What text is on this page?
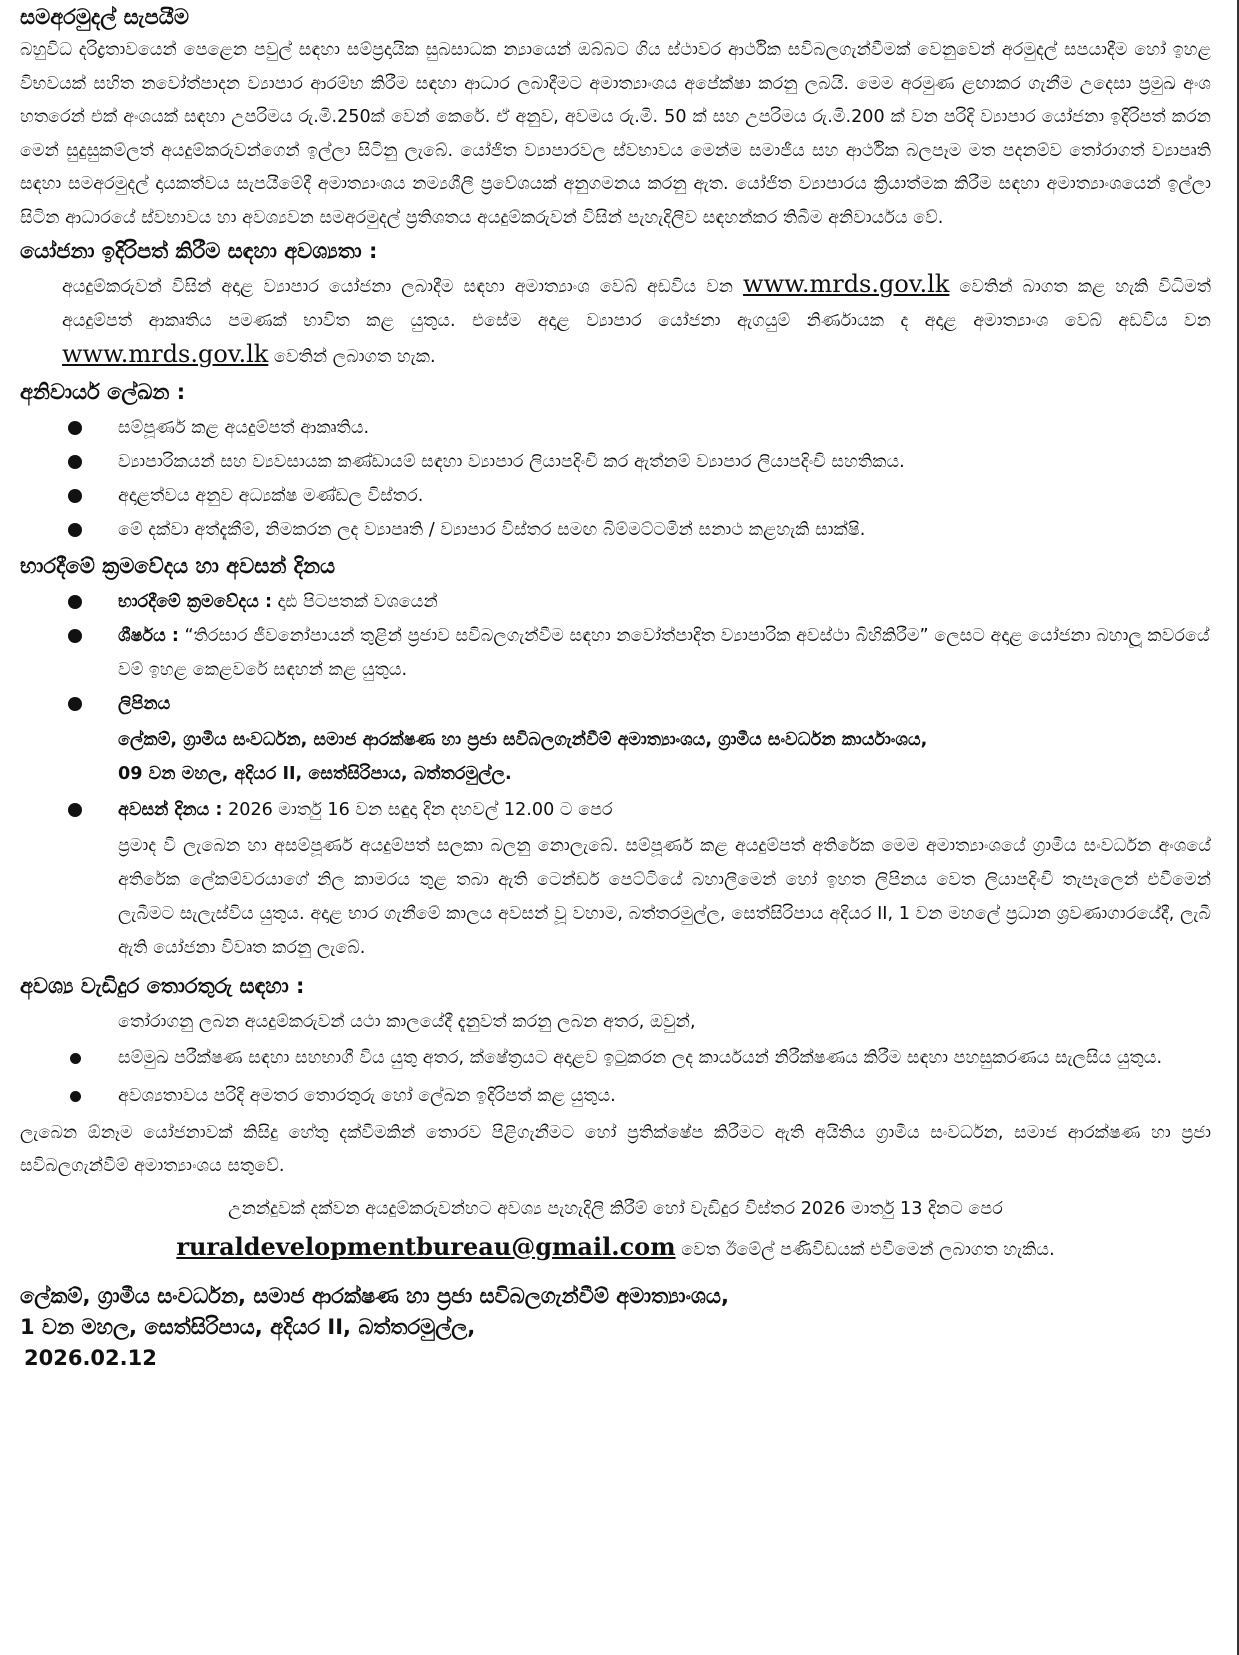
සමඅරමුදල් සැපයීම

බහුවිධ දරිද්‍රතාවයෙන් පෙළෙන පවුල් සඳහා සම්ප්‍රදායික සුබසාධක න්‍යායෙන් ඔබ්බට ගිය ස්ථාවර ආර්ථික සවිබලගැන්වීමක් වෙනුවෙන් අරමුදල් සපයාදීම හෝ ඉහළ විභවයක් සහිත නවෝත්පාදන ව්‍යාපාර ආරම්භ කිරීම සඳහා ආධාර ලබාදීමට අමාත්‍යාංශය අපේක්ෂා කරනු ලබයි. මෙම අරමුණ ළඟාකර ගැනීම උදෙසා ප්‍රමුඛ අංශ හතරෙන් එක් අංශයක් සඳහා උපරිමය රු.මි.250ක් වෙන් කෙරේ. ඒ අනුව, අවමය රු.මි. 50 ක් සහ උපරිමය රු.මි.200 ක් වන පරිදි ව්‍යාපාර යෝජනා ඉදිරිපත් කරන මෙන් සුදුසුකම්ලත් අයදුම්කරුවන්ගෙන් ඉල්ලා සිටිනු ලැබේ. යෝජිත ව්‍යාපාරවල ස්වභාවය මෙන්ම සමාජීය සහ ආර්ථික බලපෑම මත පදනම්ව තෝරාගත් ව්‍යාපෘති සඳහා සමඅරමුදල් දායකත්වය සැපයීමේදී අමාත්‍යාංශය නම්‍යශීලී ප්‍රවේශයක් අනුගමනය කරනු ඇත. යෝජිත ව්‍යාපාරය ක්‍රියාත්මක කිරීම සඳහා අමාත්‍යාංශයෙන් ඉල්ලා සිටින ආධාරයේ ස්වභාවය හා අවශ්‍යවන සමඅරමුදල් ප්‍රතිශතය අයදුම්කරුවන් විසින් පැහැදිලිව සඳහන්කර තිබීම අනිවාර්යය වේ.

යෝජනා ඉදිරිපත් කිරීම සඳහා අවශ්‍යතා :

අයදුම්කරුවන් විසින් අදාළ ව්‍යාපාර යෝජනා ලබාදීම සඳහා අමාත්‍යාංශ වෙබ් අඩවිය වන www.mrds.gov.lk වෙතින් බාගත කළ හැකි විධිමත් අයදුම්පත් ආකෘතිය පමණක් භාවිත කළ යුතුය. එසේම අදාළ ව්‍යාපාර යෝජනා ඇගයුම් නිර්ණායක ද අදාළ අමාත්‍යාංශ වෙබ් අඩවිය වන www.mrds.gov.lk වෙතින් ලබාගත හැක.

අනිවාර්ය ලේඛන :
සම්පූර්ණ කළ අයදුම්පත් ආකෘතිය.
ව්‍යාපාරිකයන් සහ ව්‍යවසායක කණ්ඩායම් සඳහා ව්‍යාපාර ලියාපදිංචි කර ඇත්නම් ව්‍යාපාර ලියාපදිංචි සහතිකය.
අදාළත්වය අනුව අධ්‍යක්ෂ මණ්ඩල විස්තර.
මේ දක්වා අත්දැකීම්, නිමකරන ලද ව්‍යාපෘති / ව්‍යාපාර විස්තර සමඟ බිම්මට්ටමින් සනාථ කළහැකි සාක්ෂි.
භාරදීමේ ක්‍රමවේදය හා අවසන් දිනය
භාරදීමේ ක්‍රමවේදය : දෘඪ පිටපතක් වශයෙන්
ශීර්ෂය : “තිරසාර ජීවනෝපායන් තුළින් ප්‍රජාව සවිබලගැන්වීම සඳහා නවෝත්පාදිත ව්‍යාපාරික අවස්ථා බිහිකිරීම” ලෙසට අදාළ යෝජනා බහාලූ කවරයේ වම් ඉහළ කෙළවරේ සඳහන් කළ යුතුය.
ලිපිනය
ලේකම්, ග්‍රාමීය සංවර්ධන, සමාජ ආරක්ෂණ හා ප්‍රජා සවිබලගැන්වීම් අමාත්‍යාංශය, ග්‍රාමීය සංවර්ධන කාර්යාංශය,
09 වන මහල, අදියර II, සෙත්සිරිපාය, බත්තරමුල්ල.
අවසන් දිනය : 2026 මාර්තු 16 වන සඳුදා දින දහවල් 12.00 ට පෙර
ප්‍රමාද වී ලැබෙන හා අසම්පූර්ණ අයදුම්පත් සලකා බලනු නොලැබේ. සම්පූර්ණ කළ අයදුම්පත් අතිරේක මෙම අමාත්‍යාංශයේ ග්‍රාමීය සංවර්ධන අංශයේ අතිරේක ලේකම්වරයාගේ නිල කාමරය තුළ තබා ඇති ටෙන්ඩර් පෙට්ටියේ බහාලීමෙන් හෝ ඉහත ලිපිනය වෙත ලියාපදිංචි තැපෑලෙන් එවීමෙන් ලැබීමට සැලැස්විය යුතුය. අදාළ භාර ගැනීමේ කාලය අවසන් වූ වහාම, බත්තරමුල්ල, සෙත්සිරිපාය අදියර II, 1 වන මහලේ ප්‍රධාන ශ්‍රවණාගාරයේදී, ලැබී ඇති යෝජනා විවෘත කරනු ලැබේ.
අවශ්‍ය වැඩිදුර තොරතුරු සඳහා :
තෝරාගනු ලබන අයදුම්කරුවන් යථා කාලයේදී දැනුවත් කරනු ලබන අතර, ඔවුන්,
සම්මුඛ පරීක්ෂණ සඳහා සහභාගී විය යුතු අතර, ක්ෂේත්‍රයට අදාළව ඉටුකරන ලද කාර්යයන් නිරීක්ෂණය කිරීම සඳහා පහසුකරණය සැලසිය යුතුය.
අවශ්‍යතාවය පරිදි අමතර තොරතුරු හෝ ලේඛන ඉදිරිපත් කළ යුතුය.

ලැබෙන ඕනෑම යෝජනාවක් කිසිදු හේතු දක්වීමකින් තොරව පිළිගැනීමට හෝ ප්‍රතික්ෂේප කිරීමට ඇති අයිතිය ග්‍රාමීය සංවර්ධන, සමාජ ආරක්ෂණ හා ප්‍රජා සවිබලගැන්වීම් අමාත්‍යාංශය සතුවේ.

උනන්දුවක් දක්වන අයදුම්කරුවන්හට අවශ්‍ය පැහැදිලි කිරීම් හෝ වැඩිදුර විස්තර 2026 මාර්තු 13 දිනට පෙර
ruraldevelopmentbureau@gmail.com වෙත ඊමේල් පණිවිඩයක් එවීමෙන් ලබාගත හැකිය.

ලේකම්, ග්‍රාමීය සංවර්ධන, සමාජ ආරක්ෂණ හා ප්‍රජා සවිබලගැන්වීම් අමාත්‍යාංශය,

1 වන මහල, සෙත්සිරිපාය, අදියර II, බත්තරමුල්ල,

2026.02.12
